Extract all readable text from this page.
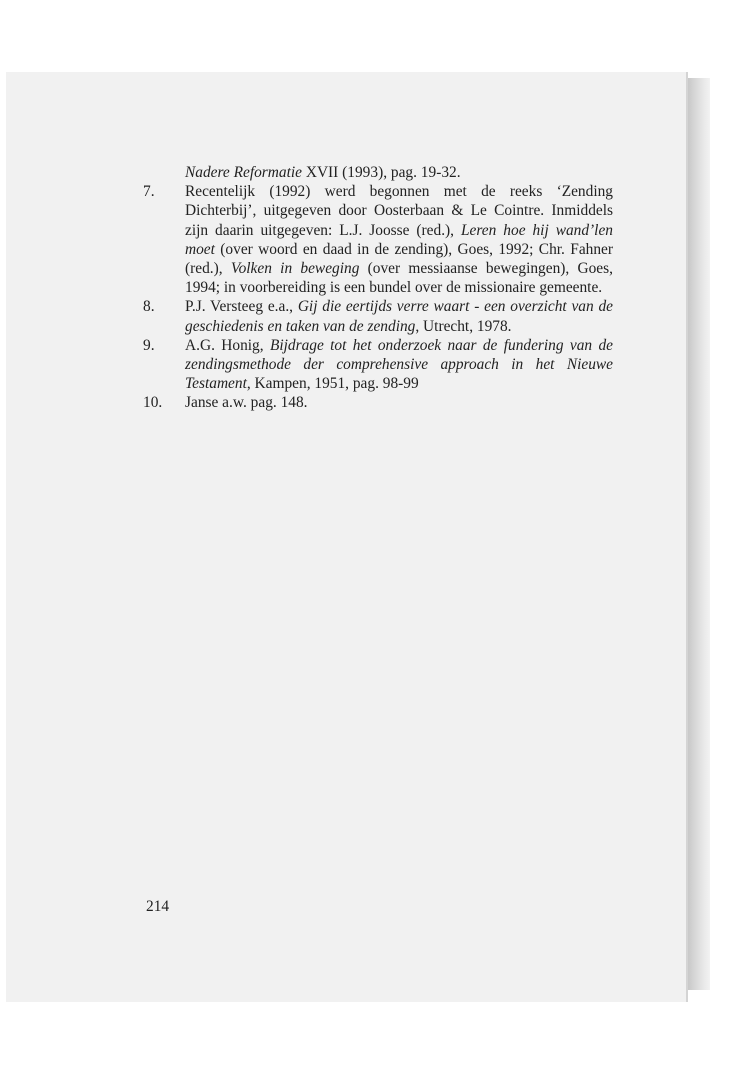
Nadere Reformatie XVII (1993), pag. 19-32.
7.	Recentelijk (1992) werd begonnen met de reeks ‘Zending Dichterbij’, uitgegeven door Oosterbaan & Le Cointre. Inmiddels zijn daarin uitgegeven: L.J. Joosse (red.), Leren hoe hij wand’len moet (over woord en daad in de zending), Goes, 1992; Chr. Fahner (red.), Volken in beweging (over messiaanse bewegingen), Goes, 1994; in voorbereiding is een bundel over de missionaire gemeente.
8.	P.J. Versteeg e.a., Gij die eertijds verre waart - een overzicht van de geschiedenis en taken van de zending, Utrecht, 1978.
9.	A.G. Honig, Bijdrage tot het onderzoek naar de fundering van de zendingsmethode der comprehensive approach in het Nieuwe Testament, Kampen, 1951, pag. 98-99
10.	Janse a.w. pag. 148.
214
